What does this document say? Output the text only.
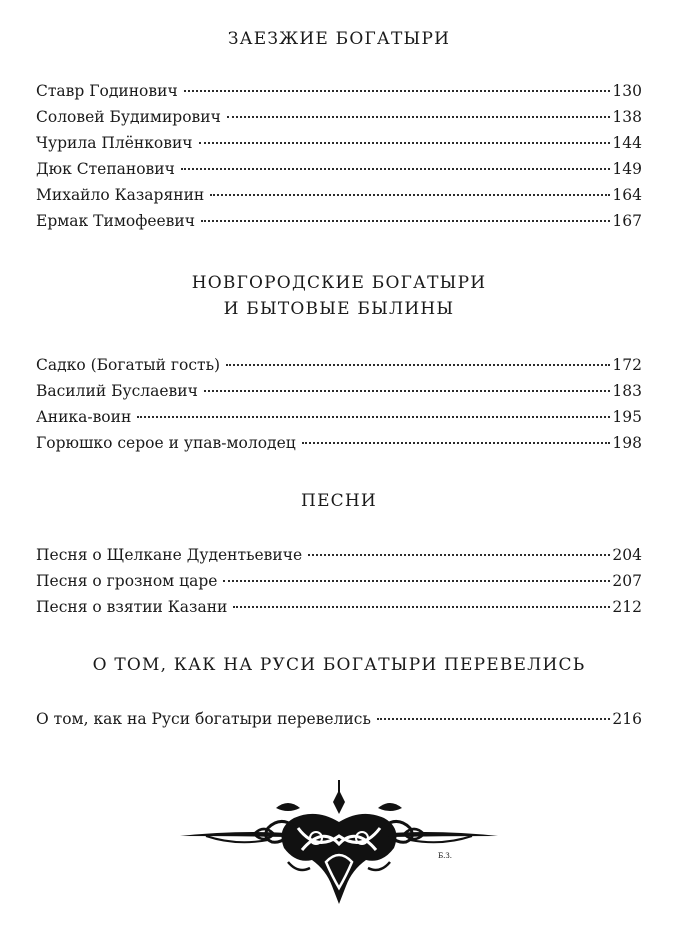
ЗАЕЗЖИЕ БОГАТЫРИ
Ставр Годинович	130
Соловей Будимирович	138
Чурила Плёнкович	144
Дюк Степанович	149
Михайло Казарянин	164
Ермак Тимофеевич	167
НОВГОРОДСКИЕ БОГАТЫРИ
И БЫТОВЫЕ БЫЛИНЫ
Садко (Богатый гость)	172
Василий Буслаевич	183
Аника-воин	195
Горюшко серое и упав-молодец	198
ПЕСНИ
Песня о Щелкане Дудентьевиче	204
Песня о грозном царе	207
Песня о взятии Казани	212
О ТОМ, КАК НА РУСИ БОГАТЫРИ ПЕРЕВЕЛИСЬ
О том, как на Руси богатыри перевелись	216
Б.З.
